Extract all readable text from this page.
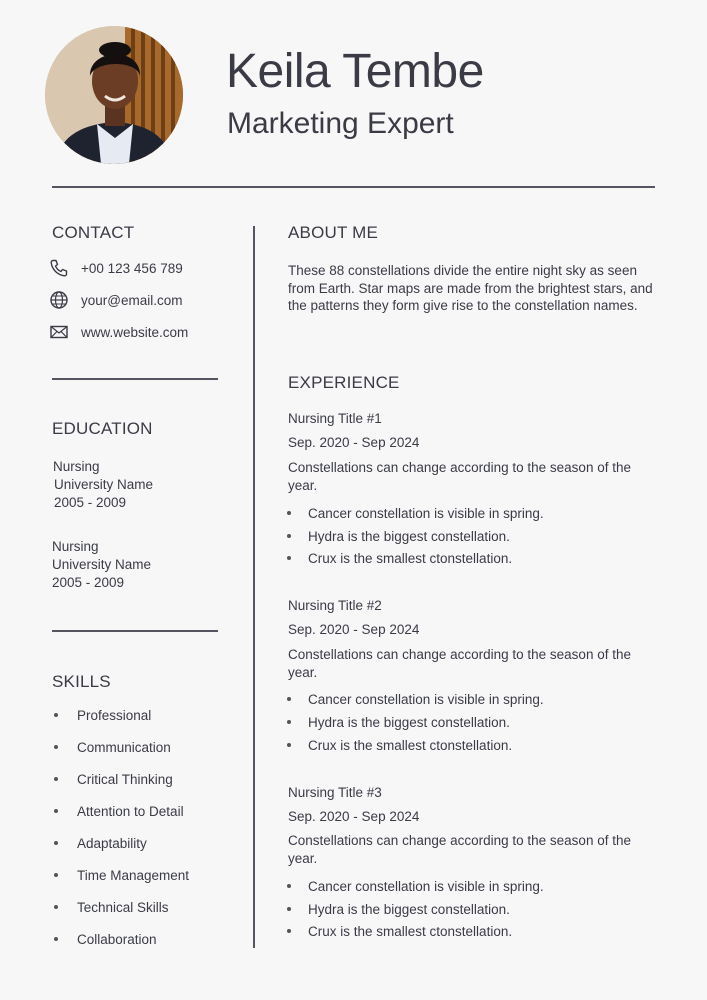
Keila Tembe
Marketing Expert
CONTACT
+00 123 456 789
your@email.com
www.website.com
EDUCATION
Nursing
University Name
2005 - 2009
Nursing
University Name
2005 - 2009
SKILLS
Professional
Communication
Critical Thinking
Attention to Detail
Adaptability
Time Management
Technical Skills
Collaboration
ABOUT ME
These 88 constellations divide the entire night sky as seen
from Earth. Star maps are made from the brightest stars, and
the patterns they form give rise to the constellation names.
EXPERIENCE
Nursing Title #1
Sep. 2020 - Sep 2024
Constellations can change according to the season of the
year.
Cancer constellation is visible in spring.
Hydra is the biggest constellation.
Crux is the smallest ctonstellation.
Nursing Title #2
Sep. 2020 - Sep 2024
Constellations can change according to the season of the
year.
Cancer constellation is visible in spring.
Hydra is the biggest constellation.
Crux is the smallest ctonstellation.
Nursing Title #3
Sep. 2020 - Sep 2024
Constellations can change according to the season of the
year.
Cancer constellation is visible in spring.
Hydra is the biggest constellation.
Crux is the smallest ctonstellation.
